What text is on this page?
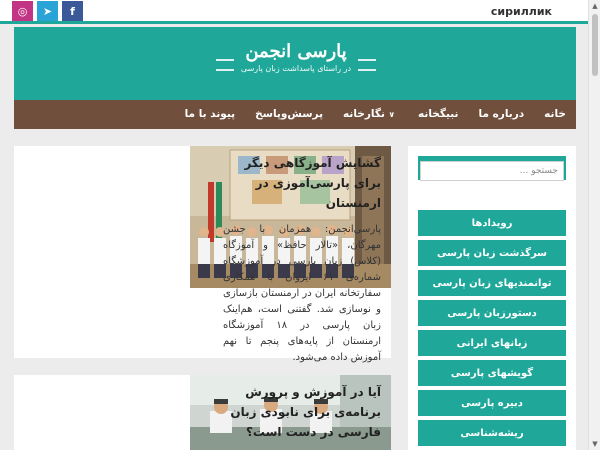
◎	➤	f	сириллик
پارسی انجمن
در راستای پاسداشت زبان پارسی
خانه
درباره ما
نبیگخانه
نگارخانه ∨
پرسش‌وپاسخ
پیوند با ما
گشایش آموزگاهی دیگر برای پارسی‌آموزی در ارمنستان

پارسی‌انجمن: همزمان با جشن مهرگان، «تالار حافظ» و آموزگاه (کلاس) زبان پارسی در آموزشگاه شماره‌ی ۶۱ ایروان با همکاری سفارتخانه ایران در ارمنستان بازسازی و نوسازی شد. گفتنی است، هم‌اینک زبان پارسی در ۱۸ آموزشگاه ارمنستان از پایه‌های پنجم تا نهم آموزش داده می‌شود.

آیا در آموزش و پرورش برنامه‌ی برای نابودی زبان فارسی در دست است؟

جستجو ...
رویدادها
سرگذشت زبان پارسی
توانمندیهای زبان پارسی
دستورزبان پارسی
زبانهای ایرانی
گویشهای پارسی
دبیره پارسی
ریشه‌شناسی
▲
▼
